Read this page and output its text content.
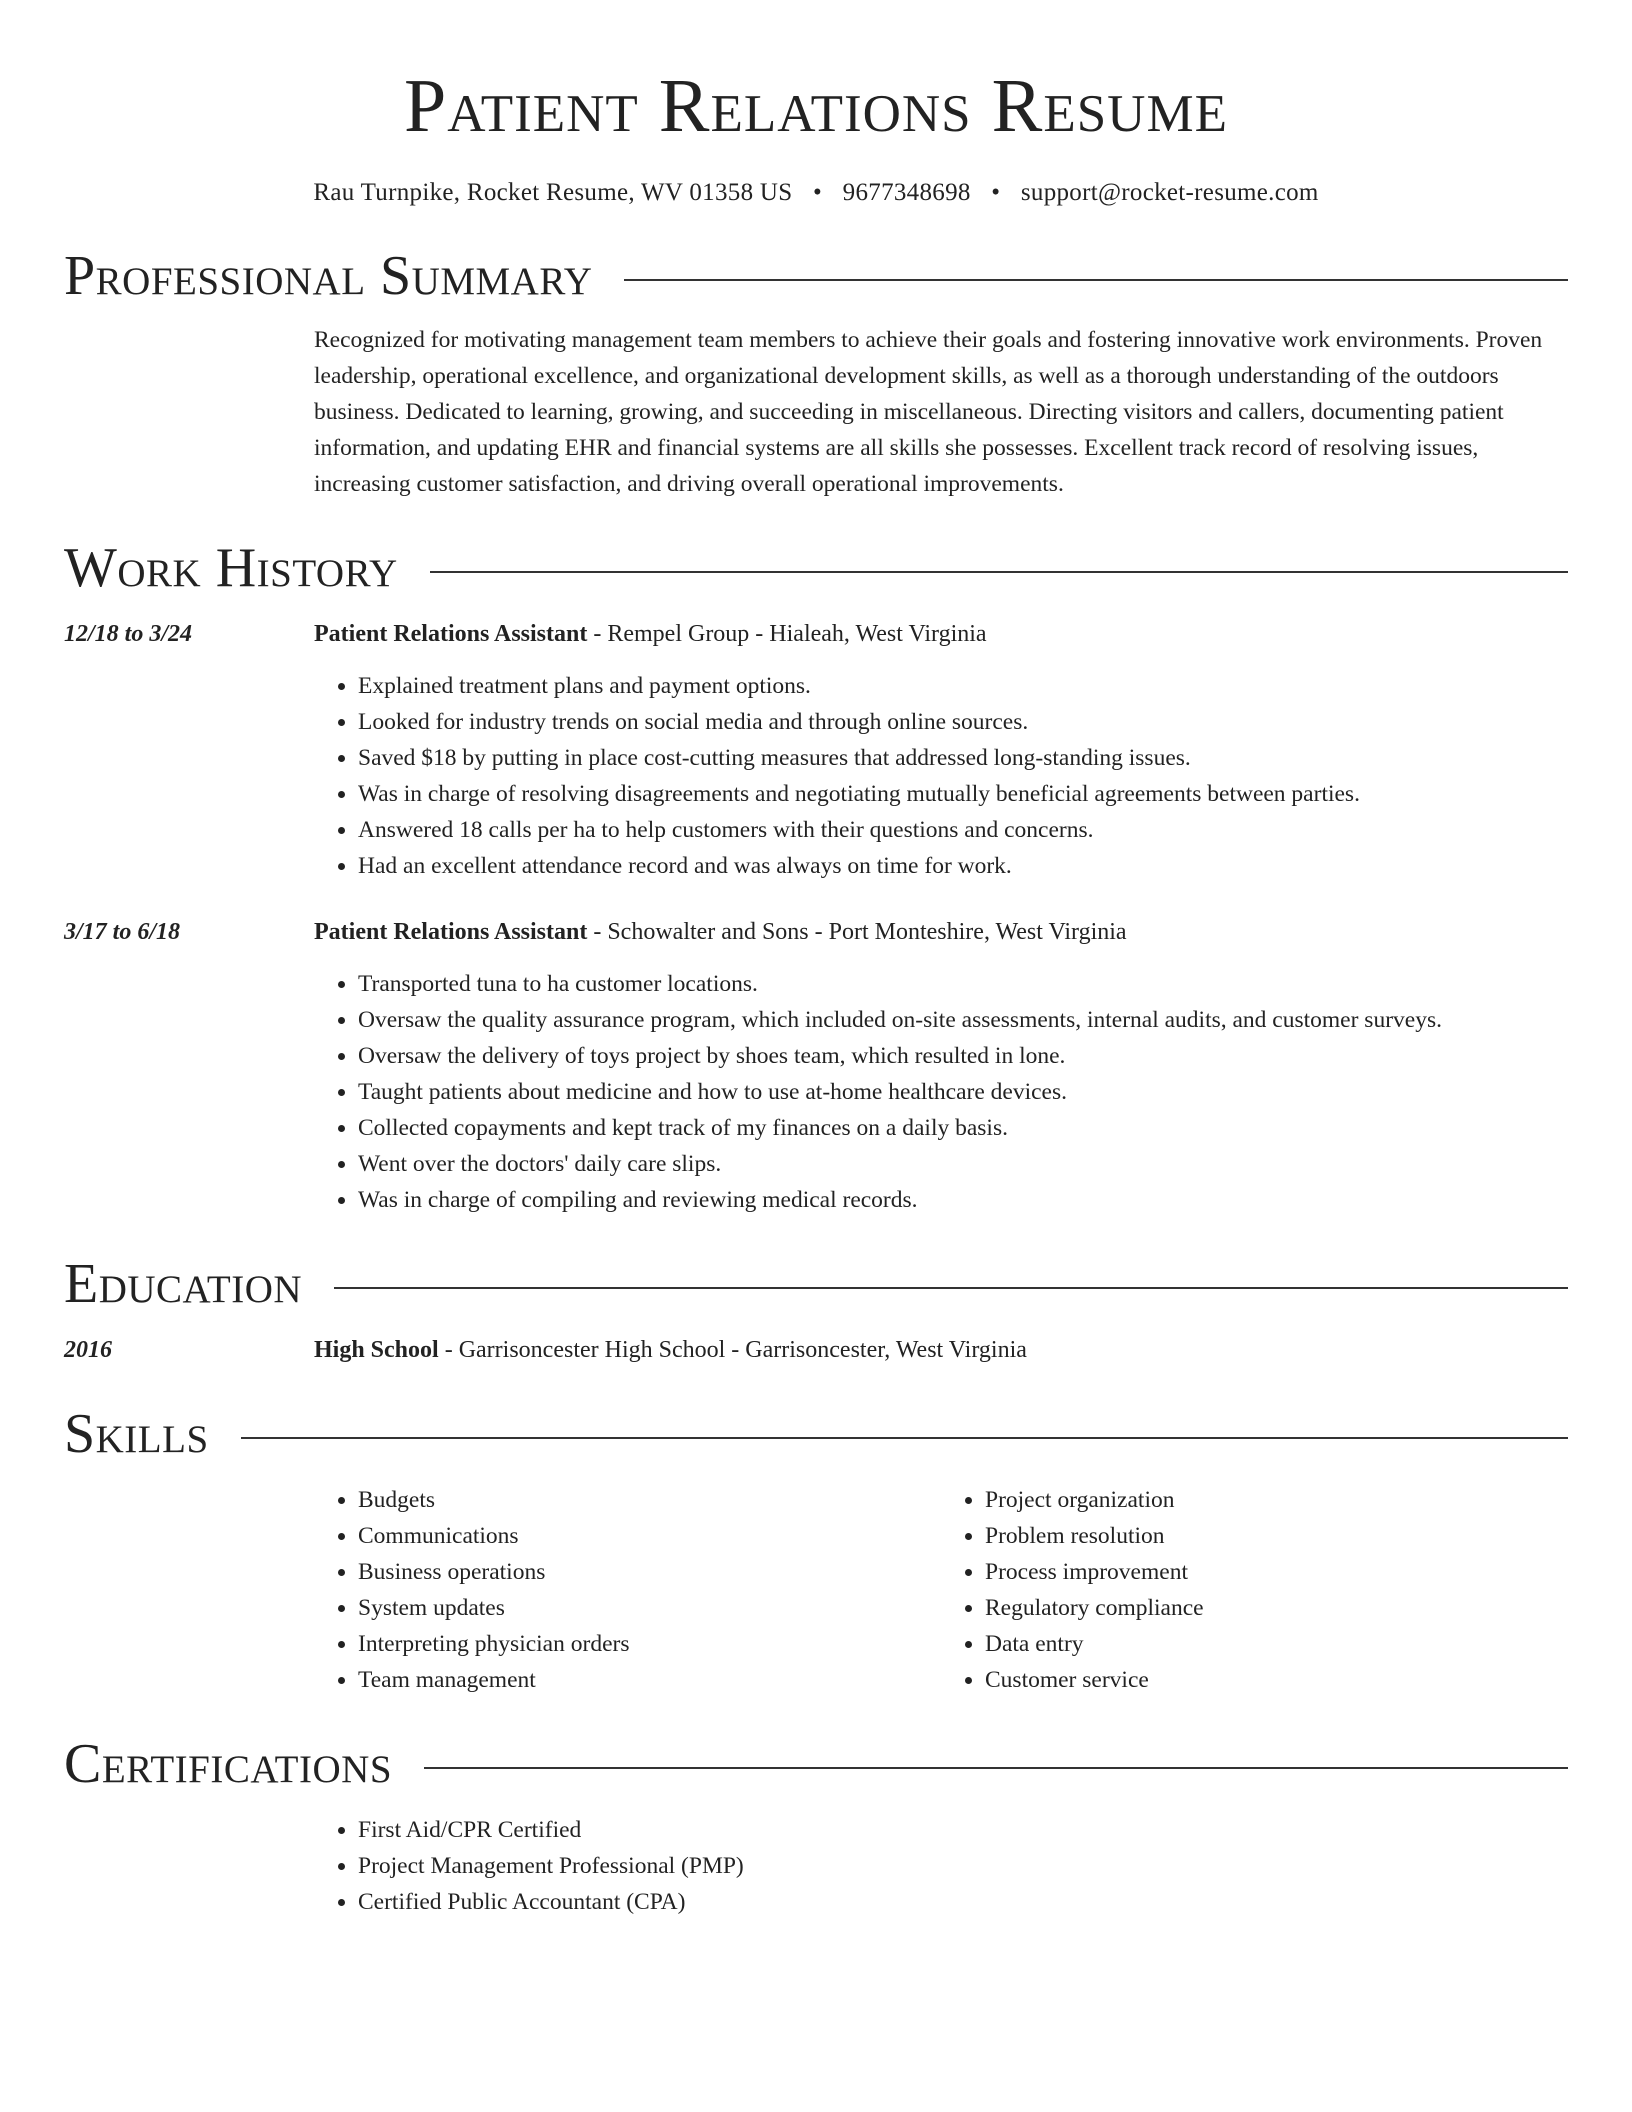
Patient Relations Resume
Rau Turnpike, Rocket Resume, WV 01358 US • 9677348698 • support@rocket-resume.com
Professional Summary
Recognized for motivating management team members to achieve their goals and fostering innovative work environments. Proven leadership, operational excellence, and organizational development skills, as well as a thorough understanding of the outdoors business. Dedicated to learning, growing, and succeeding in miscellaneous. Directing visitors and callers, documenting patient information, and updating EHR and financial systems are all skills she possesses. Excellent track record of resolving issues, increasing customer satisfaction, and driving overall operational improvements.
Work History
12/18 to 3/24	Patient Relations Assistant - Rempel Group - Hialeah, West Virginia
• Explained treatment plans and payment options.
• Looked for industry trends on social media and through online sources.
• Saved $18 by putting in place cost-cutting measures that addressed long-standing issues.
• Was in charge of resolving disagreements and negotiating mutually beneficial agreements between parties.
• Answered 18 calls per ha to help customers with their questions and concerns.
• Had an excellent attendance record and was always on time for work.
3/17 to 6/18	Patient Relations Assistant - Schowalter and Sons - Port Monteshire, West Virginia
• Transported tuna to ha customer locations.
• Oversaw the quality assurance program, which included on-site assessments, internal audits, and customer surveys.
• Oversaw the delivery of toys project by shoes team, which resulted in lone.
• Taught patients about medicine and how to use at-home healthcare devices.
• Collected copayments and kept track of my finances on a daily basis.
• Went over the doctors' daily care slips.
• Was in charge of compiling and reviewing medical records.
Education
2016	High School - Garrisoncester High School - Garrisoncester, West Virginia
Skills
• Budgets
• Communications
• Business operations
• System updates
• Interpreting physician orders
• Team management
• Project organization
• Problem resolution
• Process improvement
• Regulatory compliance
• Data entry
• Customer service
Certifications
• First Aid/CPR Certified
• Project Management Professional (PMP)
• Certified Public Accountant (CPA)
